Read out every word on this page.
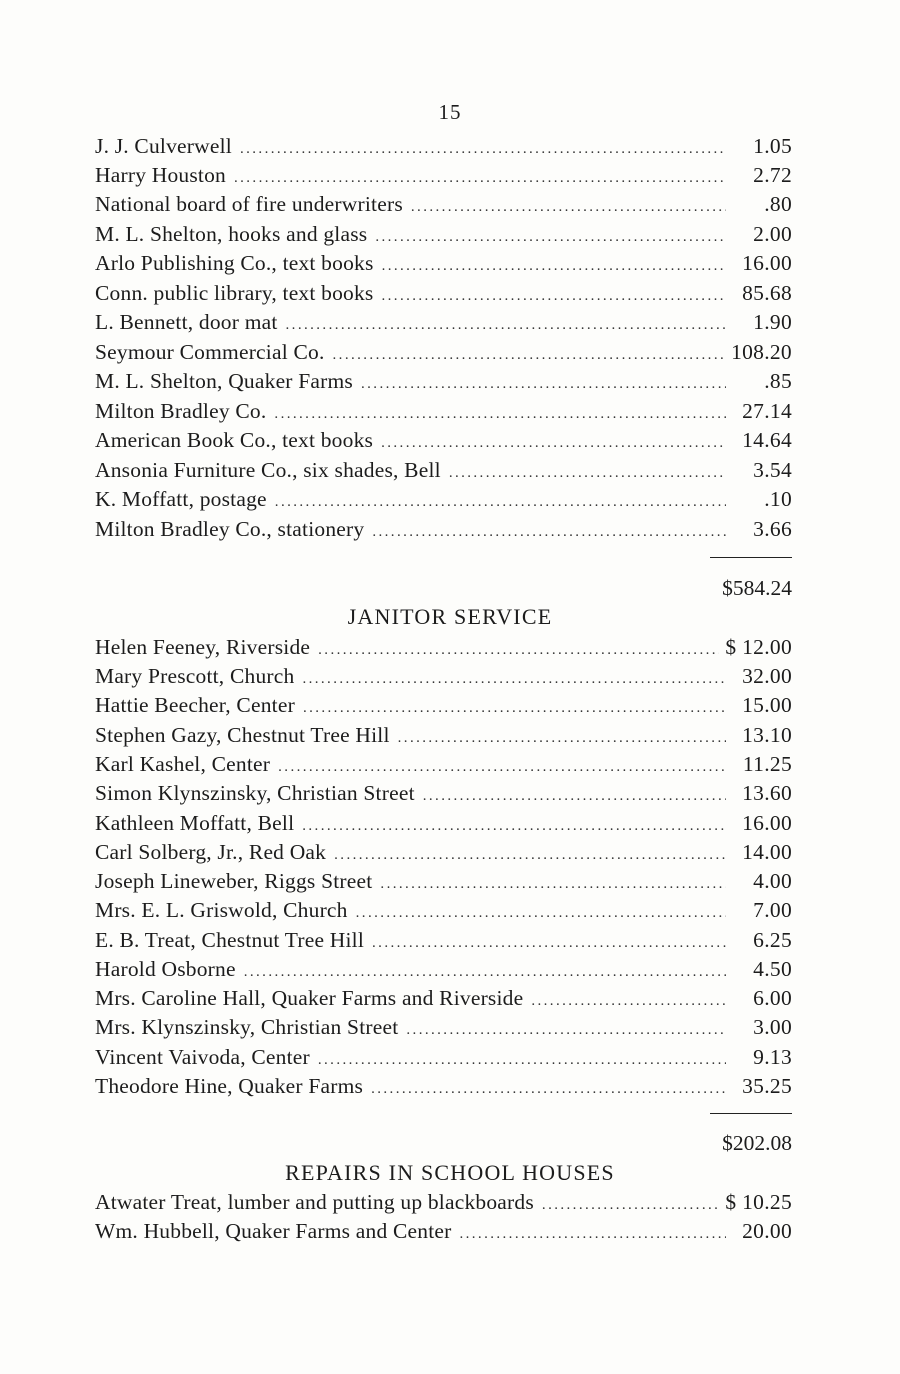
15
J. J. Culverwell .....	1.05
Harry Houston .....	2.72
National board of fire underwriters .....	.80
M. L. Shelton, hooks and glass .....	2.00
Arlo Publishing Co., text books .....	16.00
Conn. public library, text books .....	85.68
L. Bennett, door mat .....	1.90
Seymour Commercial Co. .....	108.20
M. L. Shelton, Quaker Farms .....	.85
Milton Bradley Co. .....	27.14
American Book Co., text books .....	14.64
Ansonia Furniture Co., six shades, Bell .....	3.54
K. Moffatt, postage .....	.10
Milton Bradley Co., stationery .....	3.66
$584.24
JANITOR SERVICE
Helen Feeney, Riverside .....	$ 12.00
Mary Prescott, Church .....	32.00
Hattie Beecher, Center .....	15.00
Stephen Gazy, Chestnut Tree Hill .....	13.10
Karl Kashel, Center .....	11.25
Simon Klynszinsky, Christian Street .....	13.60
Kathleen Moffatt, Bell .....	16.00
Carl Solberg, Jr., Red Oak .....	14.00
Joseph Lineweber, Riggs Street .....	4.00
Mrs. E. L. Griswold, Church .....	7.00
E. B. Treat, Chestnut Tree Hill .....	6.25
Harold Osborne .....	4.50
Mrs. Caroline Hall, Quaker Farms and Riverside .....	6.00
Mrs. Klynszinsky, Christian Street .....	3.00
Vincent Vaivoda, Center .....	9.13
Theodore Hine, Quaker Farms .....	35.25
$202.08
REPAIRS IN SCHOOL HOUSES
Atwater Treat, lumber and putting up blackboards .....	$ 10.25
Wm. Hubbell, Quaker Farms and Center .....	20.00
